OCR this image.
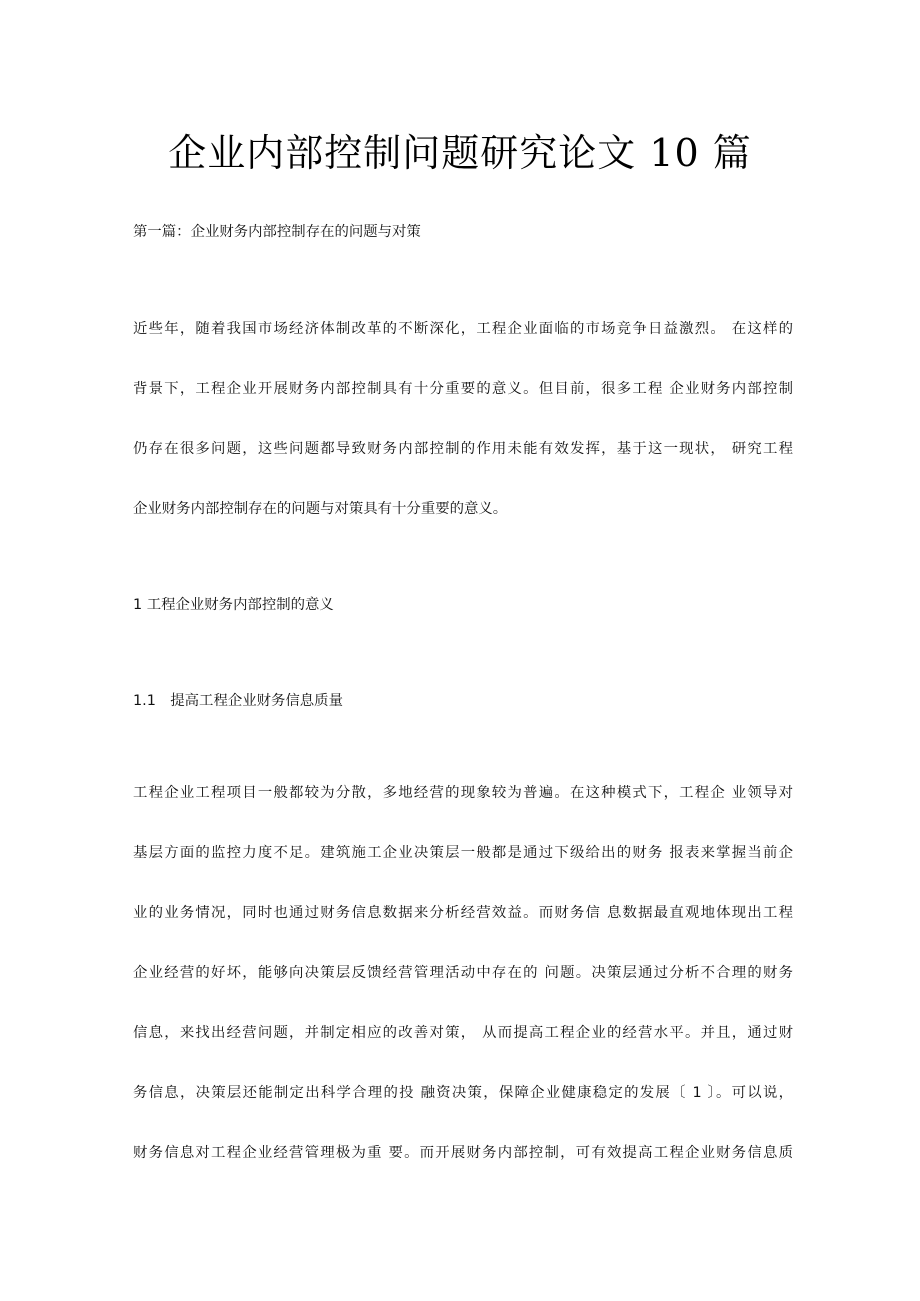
企业内部控制问题研究论文 10 篇
第一篇：企业财务内部控制存在的问题与对策
近些年，随着我国市场经济体制改革的不断深化，工程企业面临的市场竞争日益激烈。 在这样的
背景下，工程企业开展财务内部控制具有十分重要的意义。但目前，很多工程 企业财务内部控制
仍存在很多问题，这些问题都导致财务内部控制的作用未能有效发挥，基于这一现状， 研究工程
企业财务内部控制存在的问题与对策具有十分重要的意义。
1 工程企业财务内部控制的意义
1.1　提高工程企业财务信息质量
工程企业工程项目一般都较为分散，多地经营的现象较为普遍。在这种模式下，工程企 业领导对
基层方面的监控力度不足。建筑施工企业决策层一般都是通过下级给出的财务 报表来掌握当前企
业的业务情况，同时也通过财务信息数据来分析经营效益。而财务信 息数据最直观地体现出工程
企业经营的好坏，能够向决策层反馈经营管理活动中存在的 问题。决策层通过分析不合理的财务
信息，来找出经营问题，并制定相应的改善对策， 从而提高工程企业的经营水平。并且，通过财
务信息，决策层还能制定出科学合理的投 融资决策，保障企业健康稳定的发展〔 1 〕。可以说，
财务信息对工程企业经营管理极为重 要。而开展财务内部控制，可有效提高工程企业财务信息质
